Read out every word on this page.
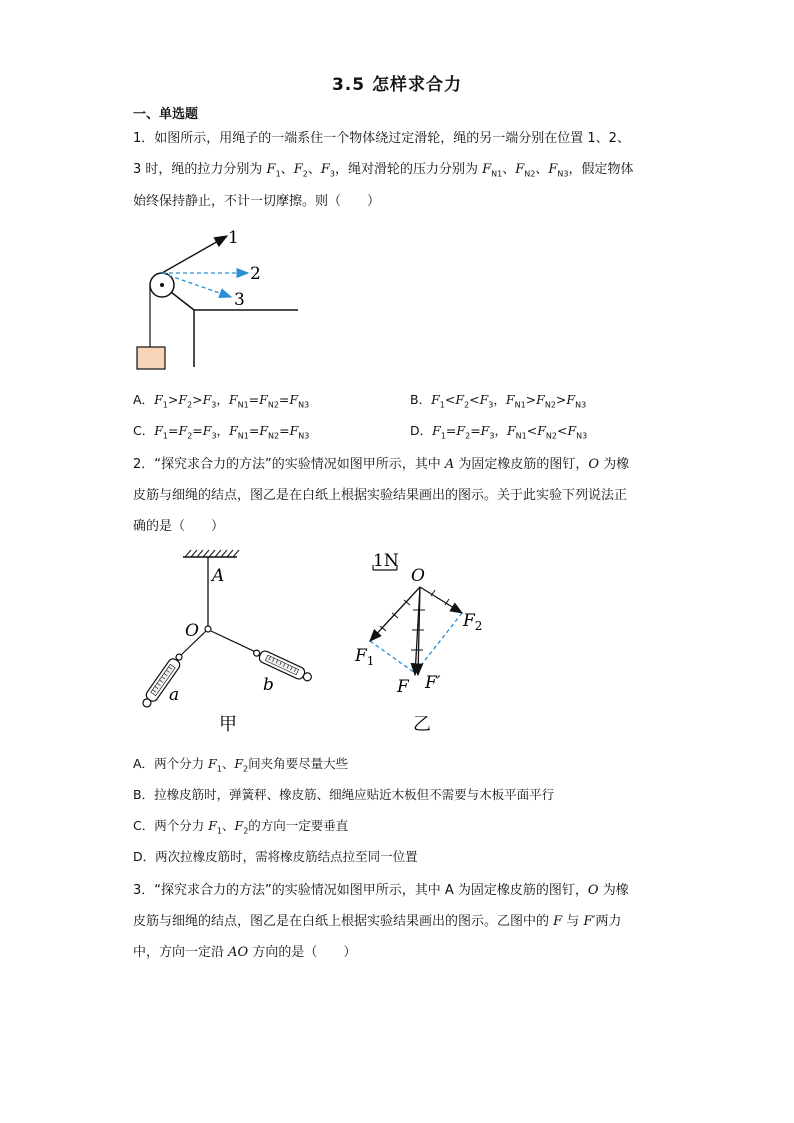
3.5 怎样求合力
一、单选题
1．如图所示，用绳子的一端系住一个物体绕过定滑轮，绳的另一端分别在位置 1、2、
3 时，绳的拉力分别为 $F_1$、$F_2$、$F_3$，绳对滑轮的压力分别为 $F_{N1}$、$F_{N2}$、$F_{N3}$，假定物体
始终保持静止，不计一切摩擦。则（　　）
1
2
3
A．$F_1>F_2>F_3$，$F_{N1}=F_{N2}=F_{N3}$	B．$F_1<F_2<F_3$，$F_{N1}>F_{N2}>F_{N3}$
C．$F_1=F_2=F_3$，$F_{N1}=F_{N2}=F_{N3}$	D．$F_1=F_2=F_3$，$F_{N1}<F_{N2}<F_{N3}$
2．“探究求合力的方法”的实验情况如图甲所示，其中 A 为固定橡皮筋的图钉，O 为橡
皮筋与细绳的结点，图乙是在白纸上根据实验结果画出的图示。关于此实验下列说法正
确的是（　　）
A
O
a	b
甲
1N
O
$F_2$
$F_1$
F F′
乙
A．两个分力 $F_1$、$F_2$间夹角要尽量大些
B．拉橡皮筋时，弹簧秤、橡皮筋、细绳应贴近木板但不需要与木板平面平行
C．两个分力 $F_1$、$F_2$的方向一定要垂直
D．两次拉橡皮筋时，需将橡皮筋结点拉至同一位置
3．“探究求合力的方法”的实验情况如图甲所示，其中 A 为固定橡皮筋的图钉，O 为橡
皮筋与细绳的结点，图乙是在白纸上根据实验结果画出的图示。乙图中的 F 与 F′两力
中，方向一定沿 AO 方向的是（　　）
